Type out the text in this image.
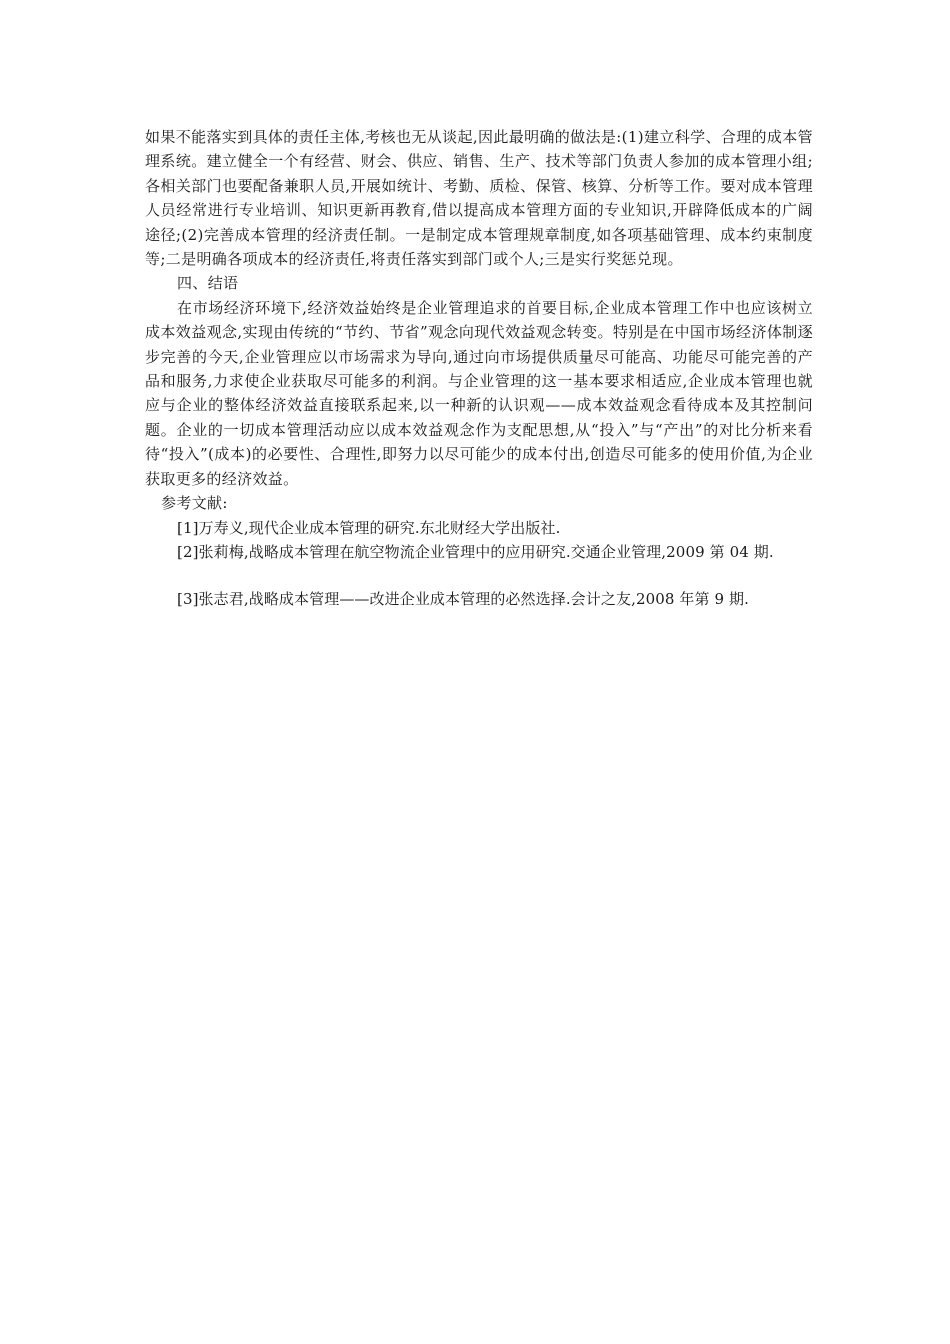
如果不能落实到具体的责任主体,考核也无从谈起,因此最明确的做法是:(1)建立科学、合理的成本管理系统。建立健全一个有经营、财会、供应、销售、生产、技术等部门负责人参加的成本管理小组;各相关部门也要配备兼职人员,开展如统计、考勤、质检、保管、核算、分析等工作。要对成本管理人员经常进行专业培训、知识更新再教育,借以提高成本管理方面的专业知识,开辟降低成本的广阔途径;(2)完善成本管理的经济责任制。一是制定成本管理规章制度,如各项基础管理、成本约束制度等;二是明确各项成本的经济责任,将责任落实到部门或个人;三是实行奖惩兑现。

四、结语

在市场经济环境下,经济效益始终是企业管理追求的首要目标,企业成本管理工作中也应该树立成本效益观念,实现由传统的“节约、节省”观念向现代效益观念转变。特别是在中国市场经济体制逐步完善的今天,企业管理应以市场需求为导向,通过向市场提供质量尽可能高、功能尽可能完善的产品和服务,力求使企业获取尽可能多的利润。与企业管理的这一基本要求相适应,企业成本管理也就应与企业的整体经济效益直接联系起来,以一种新的认识观——成本效益观念看待成本及其控制问题。企业的一切成本管理活动应以成本效益观念作为支配思想,从“投入”与“产出”的对比分析来看待“投入”(成本)的必要性、合理性,即努力以尽可能少的成本付出,创造尽可能多的使用价值,为企业获取更多的经济效益。

参考文献:

[1]万寿义,现代企业成本管理的研究.东北财经大学出版社.

[2]张莉梅,战略成本管理在航空物流企业管理中的应用研究.交通企业管理,2009 第 04 期.

[3]张志君,战略成本管理——改进企业成本管理的必然选择.会计之友,2008 年第 9 期.
